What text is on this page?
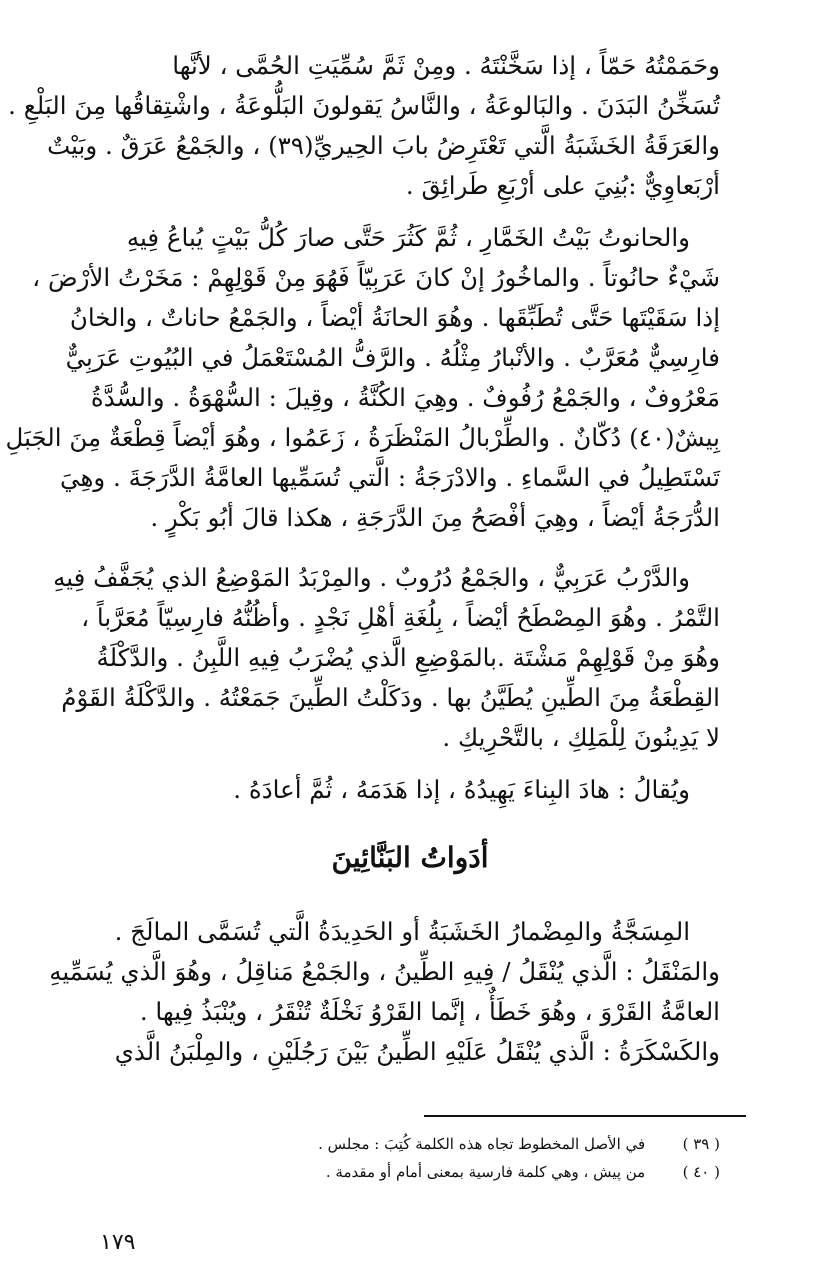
وحَمَمْتُهُ حَمّاً ، إذا سَخَّنْتَهُ . ومِنْ ثَمَّ سُمِّيَتِ الحُمَّى ، لأنَّها
تُسَخِّنُ البَدَنَ . والبَالوعَةُ ، والنَّاسُ يَقولونَ البَلُّوعَةُ ، واشْتِقاقُها مِنَ البَلْعِ .
والعَرَقَةُ الخَشَبَةُ الَّتي تَعْتَرِضُ بابَ الحِيريِّ(٣٩) ، والجَمْعُ عَرَقٌ . وبَيْتٌ
أرْبَعاوِيٌّ :بُنِيَ على أرْبَعِ طَرائِقَ .
والحانوتُ بَيْتُ الخَمَّارِ ، ثُمَّ كَثُرَ حَتَّى صارَ كُلُّ بَيْتٍ يُباعُ فِيهِ
شَيْءٌ حانُوتاً . والماخُورُ إنْ كانَ عَرَبِيّاً فَهُوَ مِنْ قَوْلِهِمْ : مَخَرْتُ الأرْضَ ،
إذا سَقَيْتَها حَتَّى تُطَبِّقَها . وهُوَ الحانَةُ أيْضاً ، والجَمْعُ حاناتٌ ، والخانُ
فارِسِيٌّ مُعَرَّبٌ . والأنْبارُ مِثْلُهُ . والرَّفُّ المُسْتَعْمَلُ في البُيُوتِ عَرَبِيٌّ
مَعْرُوفٌ ، والجَمْعُ رُفُوفٌ . وهِيَ الكُنَّةُ ، وقِيلَ : السُّهْوَةُ . والسُّدَّةُ
بِيشٌ(٤٠) دُكّانٌ . والطِّرْبالُ المَنْظَرَةُ ، زَعَمُوا ، وهُوَ أيْضاً قِطْعَةٌ مِنَ الجَبَلِ
تَسْتَطِيلُ في السَّماءِ . والادْرَجَةُ : الَّتي تُسَمِّيها العامَّةُ الدَّرَجَةَ . وهِيَ
الدُّرَجَةُ أيْضاً ، وهِيَ أفْصَحُ مِنَ الدَّرَجَةِ ، هكذا قالَ أبُو بَكْرٍ .
والدَّرْبُ عَرَبِيٌّ ، والجَمْعُ دُرُوبٌ . والمِرْبَدُ المَوْضِعُ الذي يُجَفَّفُ فِيهِ
التَّمْرُ . وهُوَ المِصْطَحُ أيْضاً ، بِلُغَةِ أهْلِ نَجْدٍ . وأظُنُّهُ فارِسِيّاً مُعَرَّباً ،
وهُوَ مِنْ قَوْلِهِمْ مَشْتَة .بالمَوْضِعِ الَّذي يُضْرَبُ فِيهِ اللَّبِنُ . والدَّكْلَةُ
القِطْعَةُ مِنَ الطِّينِ يُطَيَّنُ بها . ودَكَلْتُ الطِّينَ جَمَعْتُهُ . والدَّكْلَةُ القَوْمُ
لا يَدِينُونَ لِلْمَلِكِ ، بالتَّحْرِيكِ .
ويُقالُ : هادَ البِناءَ يَهِيدُهُ ، إذا هَدَمَهُ ، ثُمَّ أعادَهُ .
أدَواتُ البَنَّائِينَ
المِسَجَّةُ والمِضْمارُ الخَشَبَةُ أو الحَدِيدَةُ الَّتي تُسَمَّى المالَجَ .
والمَنْقَلُ : الَّذي يُنْقَلُ / فِيهِ الطِّينُ ، والجَمْعُ مَناقِلُ ، وهُوَ الَّذي يُسَمِّيهِ
العامَّةُ القَرْوَ ، وهُوَ خَطَأٌ ، إنَّما القَرْوُ نَخْلَةٌ تُنْقَرُ ، ويُنْبَذُ فِيها .
والكَسْكَرَةُ : الَّذي يُنْقَلُ عَلَيْهِ الطِّينُ بَيْنَ رَجُلَيْنِ ، والمِلْبَنُ الَّذي
( ٣٩ ) في الأصل المخطوط تجاه هذه الكلمة كُتِبَ : مجلس .
( ٤٠ ) من پيش ، وهي كلمة فارسية بمعنى أمام أو مقدمة .
١٧٩
